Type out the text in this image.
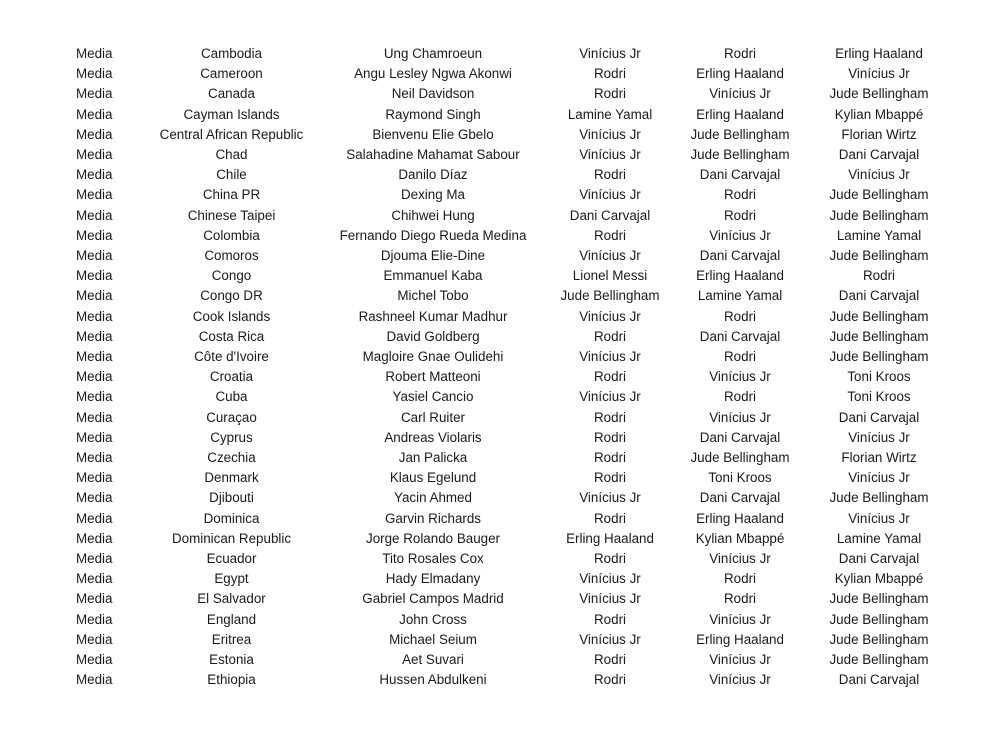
Media	Cambodia	Ung Chamroeun	Vinícius Jr	Rodri	Erling Haaland
Media	Cameroon	Angu Lesley Ngwa Akonwi	Rodri	Erling Haaland	Vinícius Jr
Media	Canada	Neil Davidson	Rodri	Vinícius Jr	Jude Bellingham
Media	Cayman Islands	Raymond Singh	Lamine Yamal	Erling Haaland	Kylian Mbappé
Media	Central African Republic	Bienvenu Elie Gbelo	Vinícius Jr	Jude Bellingham	Florian Wirtz
Media	Chad	Salahadine Mahamat Sabour	Vinícius Jr	Jude Bellingham	Dani Carvajal
Media	Chile	Danilo Díaz	Rodri	Dani Carvajal	Vinícius Jr
Media	China PR	Dexing Ma	Vinícius Jr	Rodri	Jude Bellingham
Media	Chinese Taipei	Chihwei Hung	Dani Carvajal	Rodri	Jude Bellingham
Media	Colombia	Fernando Diego Rueda Medina	Rodri	Vinícius Jr	Lamine Yamal
Media	Comoros	Djouma Elie-Dine	Vinícius Jr	Dani Carvajal	Jude Bellingham
Media	Congo	Emmanuel Kaba	Lionel Messi	Erling Haaland	Rodri
Media	Congo DR	Michel Tobo	Jude Bellingham	Lamine Yamal	Dani Carvajal
Media	Cook Islands	Rashneel Kumar Madhur	Vinícius Jr	Rodri	Jude Bellingham
Media	Costa Rica	David Goldberg	Rodri	Dani Carvajal	Jude Bellingham
Media	Côte d'Ivoire	Magloire Gnae Oulidehi	Vinícius Jr	Rodri	Jude Bellingham
Media	Croatia	Robert Matteoni	Rodri	Vinícius Jr	Toni Kroos
Media	Cuba	Yasiel Cancio	Vinícius Jr	Rodri	Toni Kroos
Media	Curaçao	Carl Ruiter	Rodri	Vinícius Jr	Dani Carvajal
Media	Cyprus	Andreas Violaris	Rodri	Dani Carvajal	Vinícius Jr
Media	Czechia	Jan Palicka	Rodri	Jude Bellingham	Florian Wirtz
Media	Denmark	Klaus Egelund	Rodri	Toni Kroos	Vinícius Jr
Media	Djibouti	Yacin Ahmed	Vinícius Jr	Dani Carvajal	Jude Bellingham
Media	Dominica	Garvin Richards	Rodri	Erling Haaland	Vinícius Jr
Media	Dominican Republic	Jorge Rolando Bauger	Erling Haaland	Kylian Mbappé	Lamine Yamal
Media	Ecuador	Tito Rosales Cox	Rodri	Vinícius Jr	Dani Carvajal
Media	Egypt	Hady Elmadany	Vinícius Jr	Rodri	Kylian Mbappé
Media	El Salvador	Gabriel Campos Madrid	Vinícius Jr	Rodri	Jude Bellingham
Media	England	John Cross	Rodri	Vinícius Jr	Jude Bellingham
Media	Eritrea	Michael Seium	Vinícius Jr	Erling Haaland	Jude Bellingham
Media	Estonia	Aet Suvari	Rodri	Vinícius Jr	Jude Bellingham
Media	Ethiopia	Hussen Abdulkeni	Rodri	Vinícius Jr	Dani Carvajal
